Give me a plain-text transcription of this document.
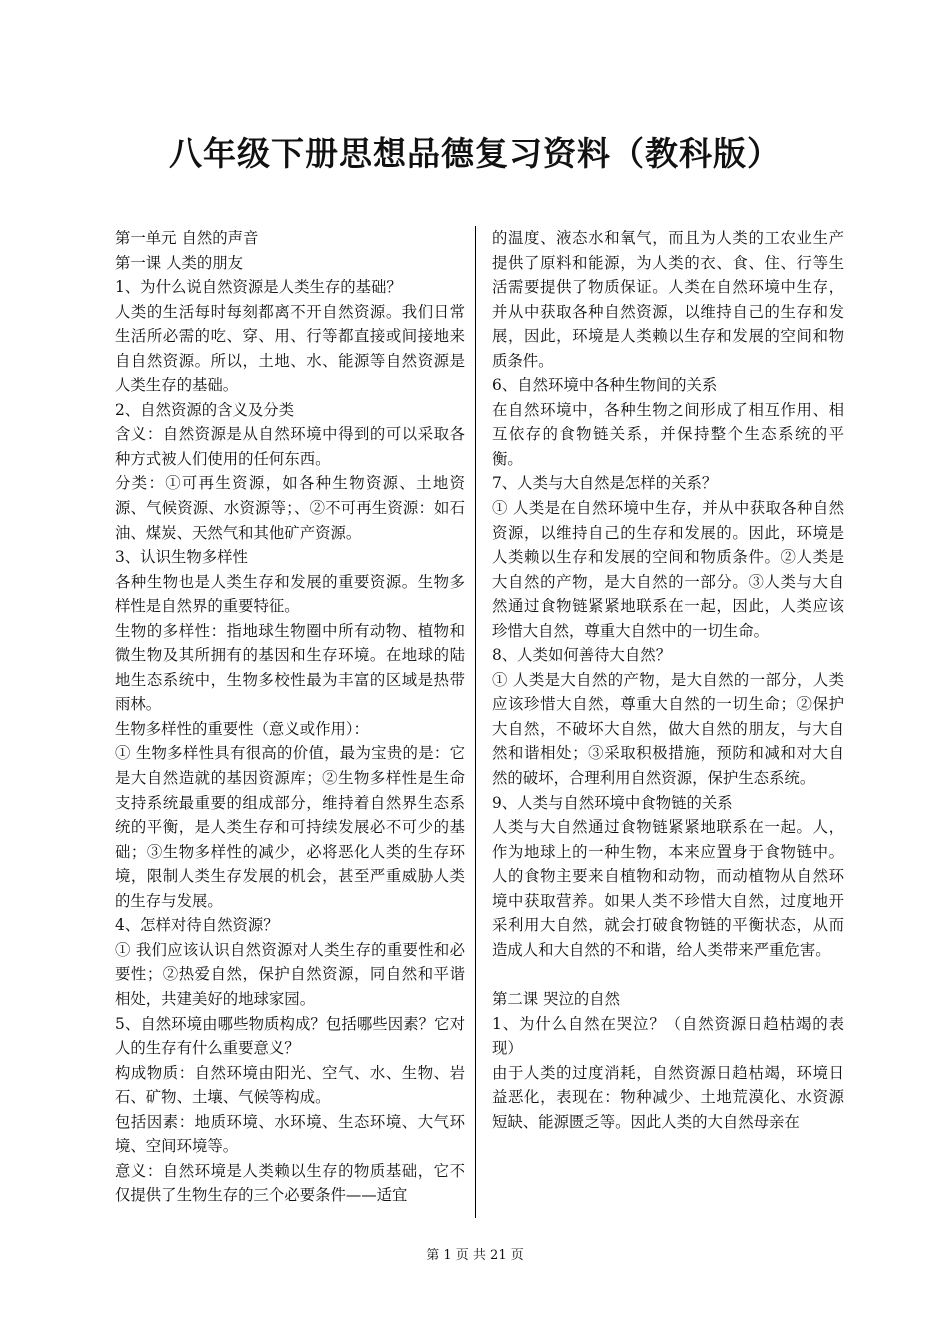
八年级下册思想品德复习资料（教科版）

第一单元 自然的声音

第一课 人类的朋友

1、为什么说自然资源是人类生存的基础？

人类的生活每时每刻都离不开自然资源。我们日常生活所必需的吃、穿、用、行等都直接或间接地来自自然资源。所以，土地、水、能源等自然资源是人类生存的基础。

2、自然资源的含义及分类

含义：自然资源是从自然环境中得到的可以采取各种方式被人们使用的任何东西。

分类：①可再生资源，如各种生物资源、土地资源、气候资源、水资源等；、②不可再生资源：如石油、煤炭、天然气和其他矿产资源。

3、认识生物多样性

各种生物也是人类生存和发展的重要资源。生物多样性是自然界的重要特征。

生物的多样性：指地球生物圈中所有动物、植物和微生物及其所拥有的基因和生存环境。在地球的陆地生态系统中，生物多校性最为丰富的区域是热带雨林。

生物多样性的重要性（意义或作用）：

① 生物多样性具有很高的价值，最为宝贵的是：它是大自然造就的基因资源库；②生物多样性是生命支持系统最重要的组成部分，维持着自然界生态系统的平衡，是人类生存和可持续发展必不可少的基础；③生物多样性的减少，必将恶化人类的生存环境，限制人类生存发展的机会，甚至严重威胁人类的生存与发展。

4、怎样对待自然资源？

① 我们应该认识自然资源对人类生存的重要性和必要性；②热爱自然，保护自然资源，同自然和平谐相处，共建美好的地球家园。

5、自然环境由哪些物质构成？包括哪些因素？它对人的生存有什么重要意义？

构成物质：自然环境由阳光、空气、水、生物、岩石、矿物、土壤、气候等构成。

包括因素：地质环境、水环境、生态环境、大气环境、空间环境等。

意义：自然环境是人类赖以生存的物质基础，它不仅提供了生物生存的三个必要条件——适宜

的温度、液态水和氧气，而且为人类的工农业生产提供了原料和能源，为人类的衣、食、住、行等生活需要提供了物质保证。人类在自然环境中生存，并从中获取各种自然资源，以维持自己的生存和发展，因此，环境是人类赖以生存和发展的空间和物质条件。

6、自然环境中各种生物间的关系

在自然环境中，各种生物之间形成了相互作用、相互依存的食物链关系，并保持整个生态系统的平衡。

7、人类与大自然是怎样的关系？

① 人类是在自然环境中生存，并从中获取各种自然资源，以维持自己的生存和发展的。因此，环境是人类赖以生存和发展的空间和物质条件。②人类是大自然的产物，是大自然的一部分。③人类与大自然通过食物链紧紧地联系在一起，因此，人类应该珍惜大自然，尊重大自然中的一切生命。

8、人类如何善待大自然？

① 人类是大自然的产物，是大自然的一部分，人类应该珍惜大自然，尊重大自然的一切生命；②保护大自然，不破坏大自然，做大自然的朋友，与大自然和谐相处；③采取积极措施，预防和减和对大自然的破坏，合理利用自然资源，保护生态系统。

9、人类与自然环境中食物链的关系

人类与大自然通过食物链紧紧地联系在一起。人，作为地球上的一种生物，本来应置身于食物链中。人的食物主要来自植物和动物，而动植物从自然环境中获取营养。如果人类不珍惜大自然，过度地开采利用大自然，就会打破食物链的平衡状态，从而造成人和大自然的不和谐，给人类带来严重危害。

第二课 哭泣的自然

1、为什么自然在哭泣？（自然资源日趋枯竭的表现）

由于人类的过度消耗，自然资源日趋枯竭，环境日益恶化，表现在：物种减少、土地荒漠化、水资源短缺、能源匮乏等。因此人类的大自然母亲在

第 1 页 共 21 页
